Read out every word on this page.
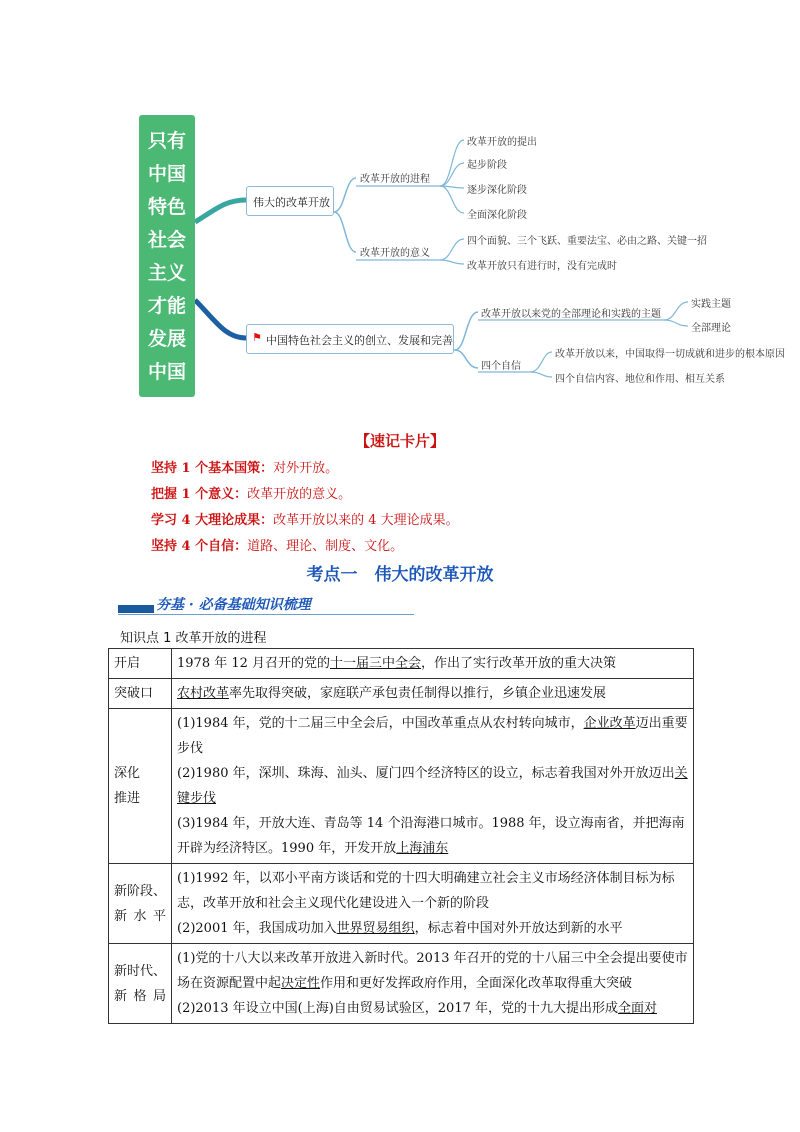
只有
中国
特色
社会
主义
才能
发展
中国
伟大的改革开放
改革开放的进程
改革开放的意义
改革开放的提出
起步阶段
逐步深化阶段
全面深化阶段
四个面貌、三个飞跃、重要法宝、必由之路、关键一招
改革开放只有进行时，没有完成时
⚑ 中国特色社会主义的创立、发展和完善
改革开放以来党的全部理论和实践的主题
四个自信
实践主题
全部理论
改革开放以来，中国取得一切成就和进步的根本原因
四个自信内容、地位和作用、相互关系
【速记卡片】
坚持 1 个基本国策：对外开放。
把握 1 个意义：改革开放的意义。
学习 4 大理论成果：改革开放以来的 4 大理论成果。
坚持 4 个自信：道路、理论、制度、文化。
考点一　伟大的改革开放
夯基 · 必备基础知识梳理
知识点 1 改革开放的进程
开启	1978 年 12 月召开的党的十一届三中全会，作出了实行改革开放的重大决策

突破口	农村改革率先取得突破，家庭联产承包责任制得以推行，乡镇企业迅速发展

深化推进	(1)1984 年，党的十二届三中全会后，中国改革重点从农村转向城市，企业改革迈出重要步伐
(2)1980 年，深圳、珠海、汕头、厦门四个经济特区的设立，标志着我国对外开放迈出关键步伐
(3)1984 年，开放大连、青岛等 14 个沿海港口城市。1988 年，设立海南省，并把海南开辟为经济特区。1990 年，开发开放上海浦东

新阶段、新水平	(1)1992 年，以邓小平南方谈话和党的十四大明确建立社会主义市场经济体制目标为标志，改革开放和社会主义现代化建设进入一个新的阶段
(2)2001 年，我国成功加入世界贸易组织，标志着中国对外开放达到新的水平

新时代、新格局	(1)党的十八大以来改革开放进入新时代。2013 年召开的党的十八届三中全会提出要使市场在资源配置中起决定性作用和更好发挥政府作用，全面深化改革取得重大突破
(2)2013 年设立中国(上海)自由贸易试验区，2017 年，党的十九大提出形成全面对
